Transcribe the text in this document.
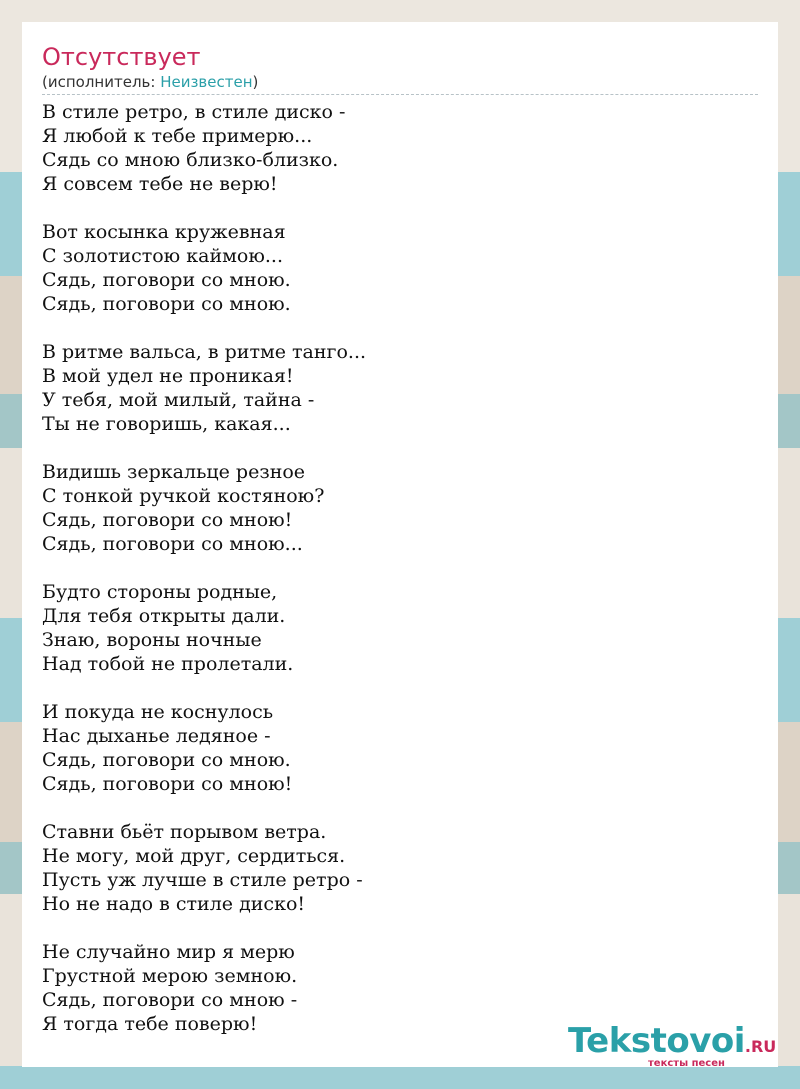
Отсутствует
(исполнитель: Неизвестен)
В стиле ретро, в стиле диско -
Я любой к тебе примерю...
Сядь со мною близко-близко.
Я совсем тебе не верю!
Вот косынка кружевная
С золотистою каймою...
Сядь, поговори со мною.
Сядь, поговори со мною.
В ритме вальса, в ритме танго...
В мой удел не проникая!
У тебя, мой милый, тайна -
Ты не говоришь, какая...
Видишь зеркальце резное
С тонкой ручкой костяною?
Сядь, поговори со мною!
Сядь, поговори со мною...
Будто стороны родные,
Для тебя открыты дали.
Знаю, вороны ночные
Над тобой не пролетали.
И покуда не коснулось
Нас дыханье ледяное -
Сядь, поговори со мною.
Сядь, поговори со мною!
Ставни бьёт порывом ветра.
Не могу, мой друг, сердиться.
Пусть уж лучше в стиле ретро -
Но не надо в стиле диско!
Не случайно мир я мерю
Грустной мерою земною.
Сядь, поговори со мною -
Я тогда тебе поверю!	Tekstovoi.RU
тексты песен
